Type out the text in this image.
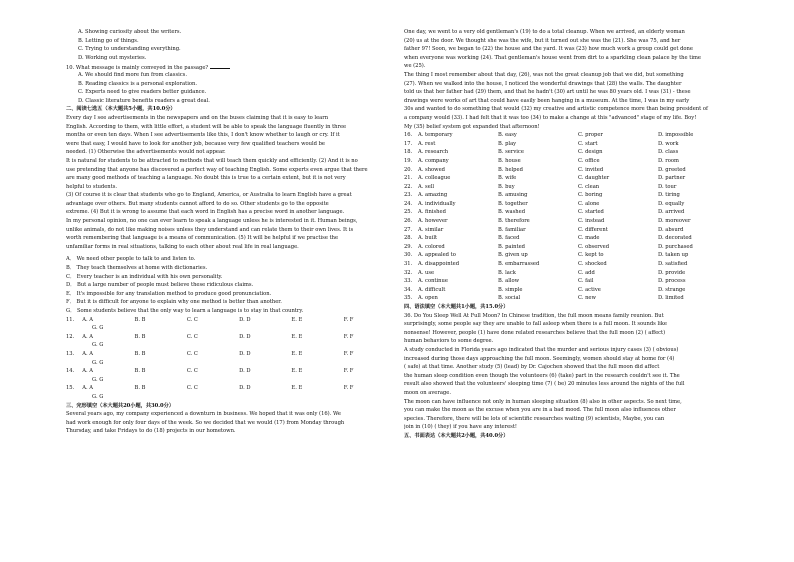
A. Showing curiosity about the writers.
B. Letting go of things.
C. Trying to understanding everything.
D. Working out mysteries.
10. What message is mainly conveyed in the passage?
A. We should find more fun from classics.
B. Reading classics is a personal exploration.
C. Experts need to give readers better guidance.
D. Classic literature benefits readers a great deal.
二、阅读七选五（本大题共5小题，共10.0分）
Every day I see advertisements in the newspapers and on the buses claiming that it is easy to learn
English. According to them, with little effort, a student will be able to speak the language fluently in three
months or even ten days. When I see advertisements like this, I don't know whether to laugh or cry. If it
were that easy, I would have to look for another job, because very few qualified teachers would be
needed. (1) Otherwise the advertisements would not appear.
It is natural for students to be attracted to methods that will teach them quickly and efficiently. (2) And it is no
use pretending that anyone has discovered a perfect way of teaching English. Some experts even argue that there
are many good methods of teaching a language. No doubt this is true to a certain extent, but it is not very
helpful to students.
(3) Of course it is clear that students who go to England, America, or Australia to learn English have a great
advantage over others. But many students cannot afford to do so. Other students go to the opposite
extreme. (4) But it is wrong to assume that each word in English has a precise word in another language.
In my personal opinion, no one can ever learn to speak a language unless he is interested in it. Human beings,
unlike animals, do not like making noises unless they understand and can relate them to their own lives. It is
worth remembering that language is a means of communication. (5) It will be helpful if we practise the
unfamiliar forms in real situations, talking to each other about real life in real language.
A． We need other people to talk to and listen to.
B． They teach themselves at home with dictionaries.
C． Every teacher is an individual with his own personality.
D． But a large number of people must believe these ridiculous claims.
E． It's impossible for any translation method to produce good pronunciation.
F． But it is difficult for anyone to explain why one method is better than another.
G． Some students believe that the only way to learn a language is to stay in that country.
11.	A. A	B. B	C. C	D. D	E. E	F. F
G. G
12.	A. A	B. B	C. C	D. D	E. E	F. F
G. G
13.	A. A	B. B	C. C	D. D	E. E	F. F
G. G
14.	A. A	B. B	C. C	D. D	E. E	F. F
G. G
15.	A. A	B. B	C. C	D. D	E. E	F. F
G. G
三、完形填空（本大题共20小题，共30.0分）
Several years ago, my company experienced a downturn in business. We hoped that it was only (16). We
had work enough for only four days of the week. So we decided that we would (17) from Monday through
Thursday, and take Fridays to do (18) projects in our hometown.
One day, we went to a very old gentleman's (19) to do a total cleanup. When we arrived, an elderly woman
(20) us at the door. We thought she was the wife, but it turned out she was the (21). She was 75, and her
father 97! Soon, we began to (22) the house and the yard. It was (23) how much work a group could get done
when everyone was working (24). That gentleman's house went from dirt to a sparkling clean palace by the time
we (25).
The thing I most remember about that day, (26), was not the great cleanup job that we did, but something
(27). When we walked into the house, I noticed the wonderful drawings that (28) the walls. The daughter
told us that her father had (29) them, and that he hadn't (30) art until he was 80 years old. I was (31) - these
drawings were works of art that could have easily been hanging in a museum. At the time, I was in my early
30s and wanted to do something that would (32) my creative and artistic competence more than being president of
a company would (33). I had felt that it was too (34) to make a change at this "advanced" stage of my life. Boy!
My (35) belief system got expanded that afternoon!
16.	A. temporary	B. easy	C. proper	D. impossible
17.	A. rest	B. play	C. start	D. work
18.	A. research	B. service	C. design	D. class
19.	A. company	B. house	C. office	D. room
20.	A. showed	B. helped	C. invited	D. greeted
21.	A. colleague	B. wife	C. daughter	D. partner
22.	A. sell	B. buy	C. clean	D. tour
23.	A. amazing	B. amusing	C. boring	D. tiring
24.	A. individually	B. together	C. alone	D. equally
25.	A. finished	B. washed	C. started	D. arrived
26.	A. however	B. therefore	C. instead	D. moreover
27.	A. similar	B. familiar	C. different	D. absurd
28.	A. built	B. faced	C. made	D. decorated
29.	A. colored	B. painted	C. observed	D. purchased
30.	A. appealed to	B. given up	C. kept to	D. taken up
31.	A. disappointed	B. embarrassed	C. shocked	D. satisfied
32.	A. use	B. lack	C. add	D. provide
33.	A. continue	B. allow	C. fail	D. process
34.	A. difficult	B. simple	C. active	D. strange
35.	A. open	B. social	C. new	D. limited
四、语法填空（本大题共1小题，共15.0分）
36. Do You Sleep Well At Full Moon? In Chinese tradition, the full moon means family reunion. But
surprisingly, some people say they are unable to fall asleep when there is a full moon. It sounds like
nonsense! However, people (1) have done related researches believe that the full moon (2) ( affect)
human behaviors to some degree.
A study conducted in Florida years ago indicated that the murder and serious injury cases (3) ( obvious)
increased during those days approaching the full moon. Seemingly, women should stay at home for (4)
( safe) at that time. Another study (5) (lead) by Dr. Cajochen showed that the full moon did affect
the human sleep condition even though the volunteers (6) (take) part in the research couldn't see it. The
result also showed that the volunteers' sleeping time (7) ( be) 20 minutes less around the nights of the full
moon on average.
The moon can have influence not only in human sleeping situation (8) also in other aspects. So next time,
you can make the moon as the excuse when you are in a bad mood. The full moon also influences other
species. Therefore, there will be lots of scientific researches waiting (9) scientists, Maybe, you can
join in (10) ( they) if you have any interest!
五、书面表达（本大题共2小题，共40.0分）
